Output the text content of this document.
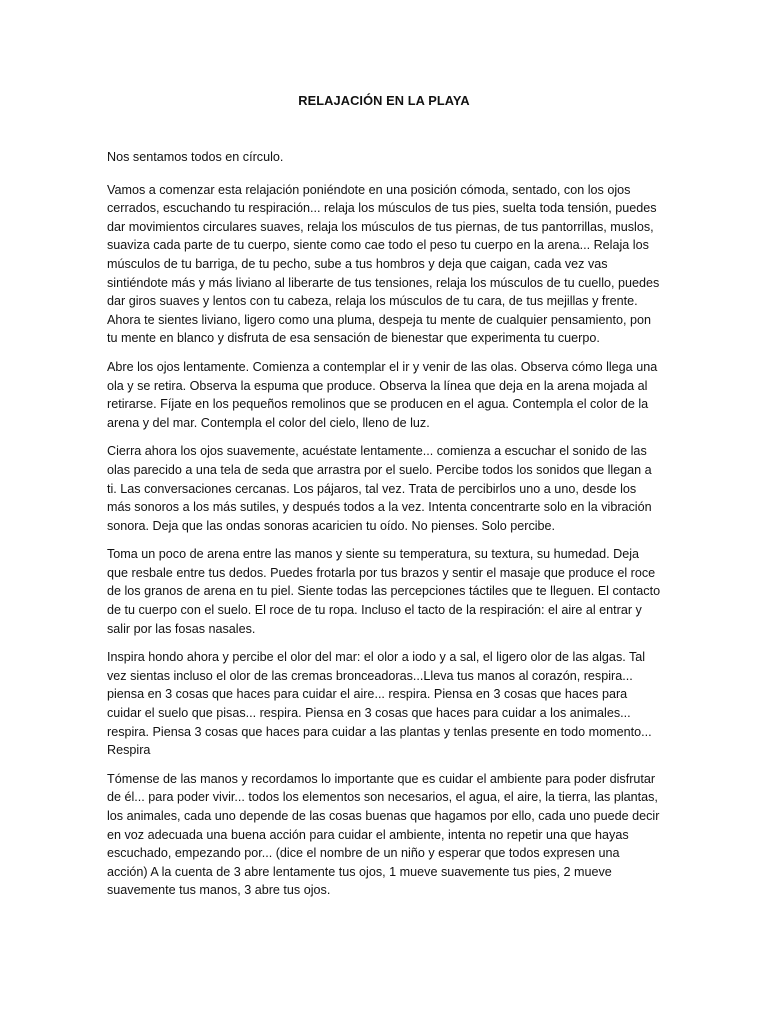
RELAJACIÓN EN LA PLAYA

Nos sentamos todos en círculo.

Vamos a comenzar esta relajación poniéndote en una posición cómoda, sentado, con los ojos cerrados, escuchando tu respiración... relaja los músculos de tus pies, suelta toda tensión, puedes dar movimientos circulares suaves, relaja los músculos de tus piernas, de tus pantorrillas, muslos, suaviza cada parte de tu cuerpo, siente como cae todo el peso tu cuerpo en la arena... Relaja los músculos de tu barriga, de tu pecho, sube a tus hombros y deja que caigan, cada vez vas sintiéndote más y más liviano al liberarte de tus tensiones, relaja los músculos de tu cuello, puedes dar giros suaves y lentos con tu cabeza, relaja los músculos de tu cara, de tus mejillas y frente. Ahora te sientes liviano, ligero como una pluma, despeja tu mente de cualquier pensamiento, pon tu mente en blanco y disfruta de esa sensación de bienestar que experimenta tu cuerpo.

Abre los ojos lentamente. Comienza a contemplar el ir y venir de las olas. Observa cómo llega una ola y se retira. Observa la espuma que produce. Observa la línea que deja en la arena mojada al retirarse. Fíjate en los pequeños remolinos que se producen en el agua. Contempla el color de la arena y del mar. Contempla el color del cielo, lleno de luz.

Cierra ahora los ojos suavemente, acuéstate lentamente... comienza a escuchar el sonido de las olas parecido a una tela de seda que arrastra por el suelo. Percibe todos los sonidos que llegan a ti. Las conversaciones cercanas. Los pájaros, tal vez. Trata de percibirlos uno a uno, desde los más sonoros a los más sutiles, y después todos a la vez. Intenta concentrarte solo en la vibración sonora. Deja que las ondas sonoras acaricien tu oído. No pienses. Solo percibe.

Toma un poco de arena entre las manos y siente su temperatura, su textura, su humedad. Deja que resbale entre tus dedos. Puedes frotarla por tus brazos y sentir el masaje que produce el roce de los granos de arena en tu piel. Siente todas las percepciones táctiles que te lleguen. El contacto de tu cuerpo con el suelo. El roce de tu ropa. Incluso el tacto de la respiración: el aire al entrar y salir por las fosas nasales.

Inspira hondo ahora y percibe el olor del mar: el olor a iodo y a sal, el ligero olor de las algas. Tal vez sientas incluso el olor de las cremas bronceadoras...Lleva tus manos al corazón, respira... piensa en 3 cosas que haces para cuidar el aire... respira. Piensa en 3 cosas que haces para cuidar el suelo que pisas... respira. Piensa en 3 cosas que haces para cuidar a los animales... respira. Piensa 3 cosas que haces para cuidar a las plantas y tenlas presente en todo momento... Respira

Tómense de las manos y recordamos lo importante que es cuidar el ambiente para poder disfrutar de él... para poder vivir... todos los elementos son necesarios, el agua, el aire, la tierra, las plantas, los animales, cada uno depende de las cosas buenas que hagamos por ello, cada uno puede decir en voz adecuada una buena acción para cuidar el ambiente, intenta no repetir una que hayas escuchado, empezando por... (dice el nombre de un niño y esperar que todos expresen una acción) A la cuenta de 3 abre lentamente tus ojos, 1 mueve suavemente tus pies, 2 mueve suavemente tus manos, 3 abre tus ojos.
